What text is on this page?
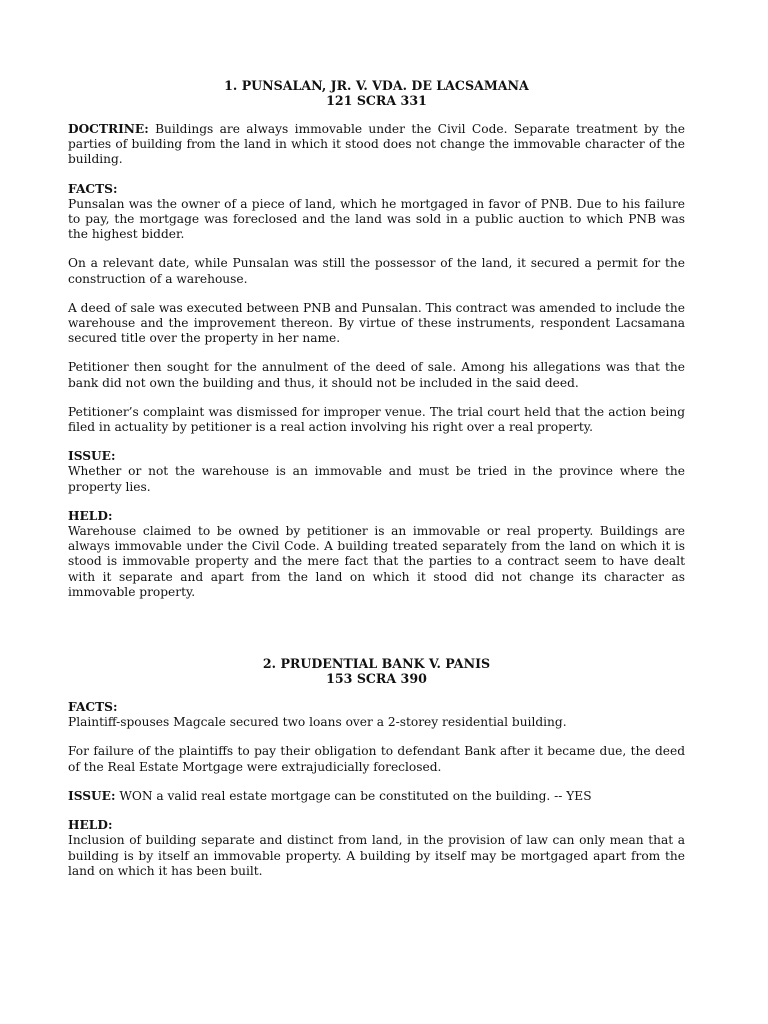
1. PUNSALAN, JR. V. VDA. DE LACSAMANA
121 SCRA 331

DOCTRINE: Buildings are always immovable under the Civil Code. Separate treatment by the parties of building from the land in which it stood does not change the immovable character of the building.

FACTS:

Punsalan was the owner of a piece of land, which he mortgaged in favor of PNB. Due to his failure to pay, the mortgage was foreclosed and the land was sold in a public auction to which PNB was the highest bidder.

On a relevant date, while Punsalan was still the possessor of the land, it secured a permit for the construction of a warehouse.

A deed of sale was executed between PNB and Punsalan. This contract was amended to include the warehouse and the improvement thereon. By virtue of these instruments, respondent Lacsamana secured title over the property in her name.

Petitioner then sought for the annulment of the deed of sale. Among his allegations was that the bank did not own the building and thus, it should not be included in the said deed.

Petitioner’s complaint was dismissed for improper venue. The trial court held that the action being filed in actuality by petitioner is a real action involving his right over a real property.

ISSUE:

Whether or not the warehouse is an immovable and must be tried in the province where the property lies.

HELD:

Warehouse claimed to be owned by petitioner is an immovable or real property. Buildings are always immovable under the Civil Code. A building treated separately from the land on which it is stood is immovable property and the mere fact that the parties to a contract seem to have dealt with it separate and apart from the land on which it stood did not change its character as immovable property.

2. PRUDENTIAL BANK V. PANIS
153 SCRA 390
FACTS:

Plaintiff-spouses Magcale secured two loans over a 2-storey residential building.

For failure of the plaintiffs to pay their obligation to defendant Bank after it became due, the deed of the Real Estate Mortgage were extrajudicially foreclosed.

ISSUE: WON a valid real estate mortgage can be constituted on the building. -- YES

HELD:

Inclusion of building separate and distinct from land, in the provision of law can only mean that a building is by itself an immovable property. A building by itself may be mortgaged apart from the land on which it has been built.
